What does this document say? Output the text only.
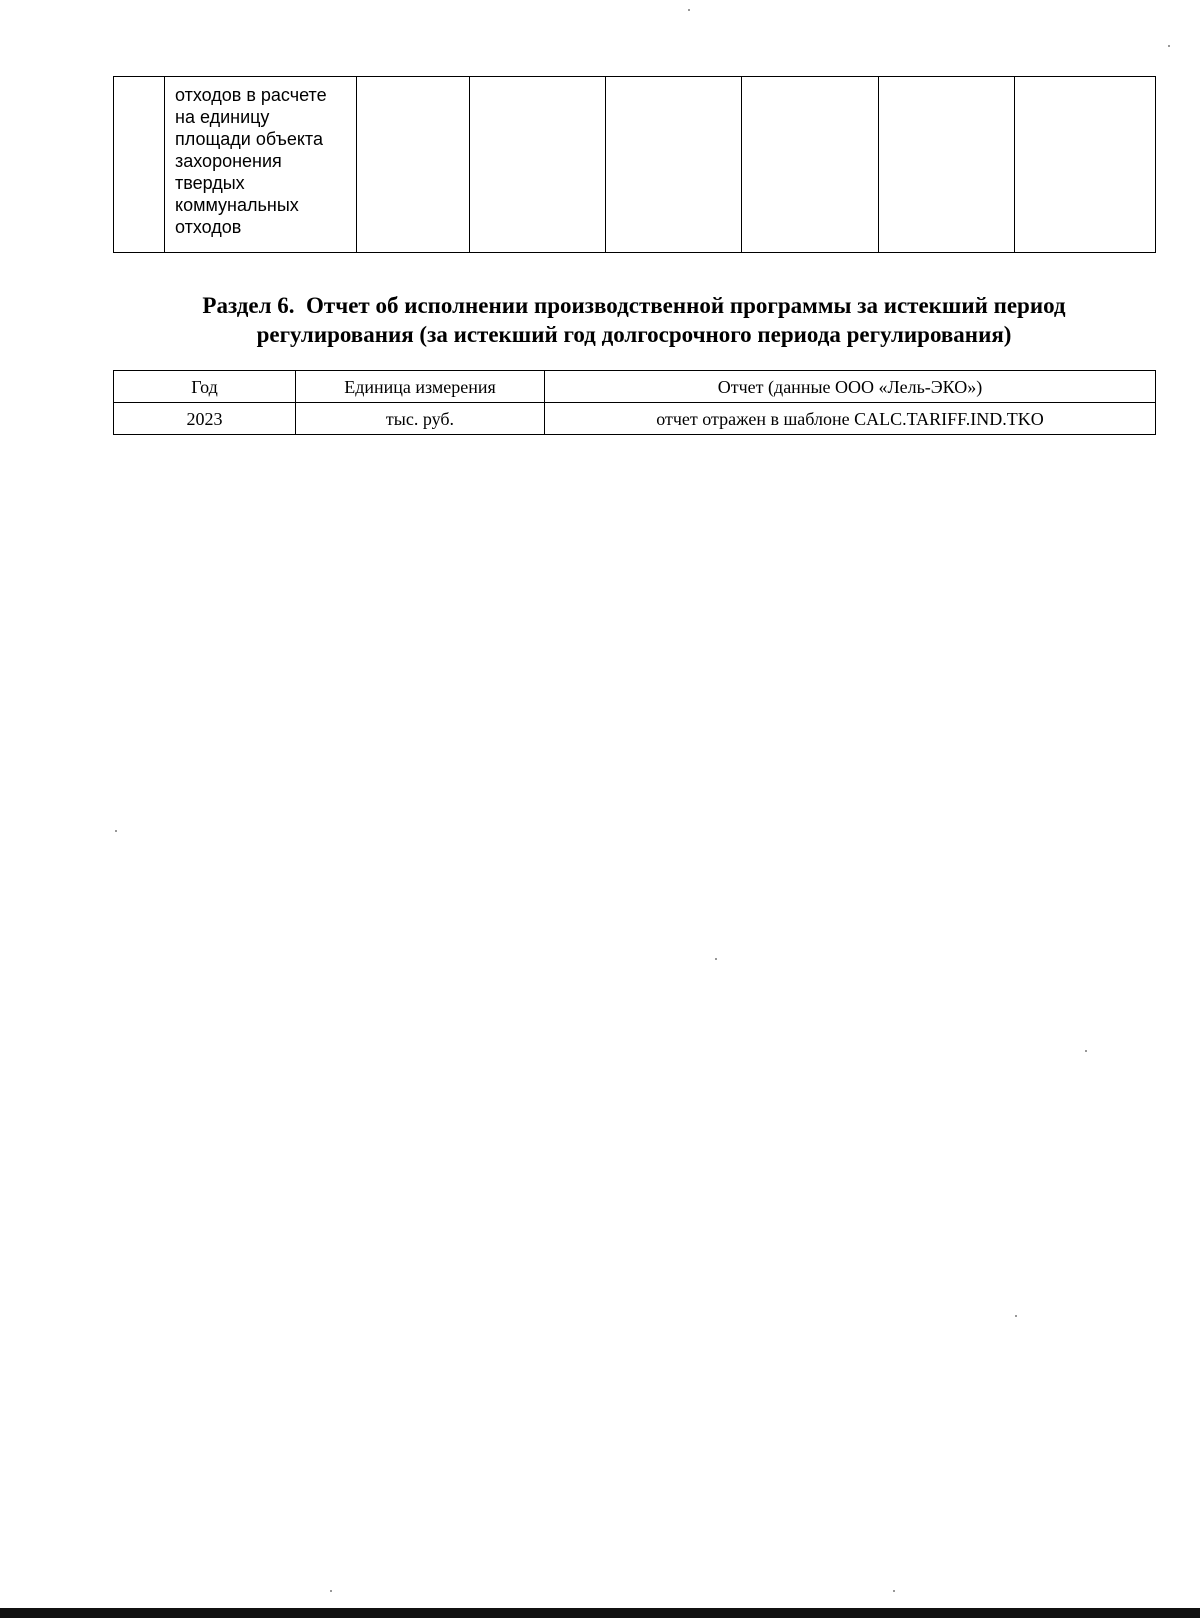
	отходов в расчете
на единицу
площади объекта
захоронения
твердых
коммунальных
отходов						
Раздел 6.  Отчет об исполнении производственной программы за истекший период
регулирования (за истекший год долгосрочного периода регулирования)
Год	Единица измерения	Отчет (данные ООО «Лель-ЭКО»)
2023	тыс. руб.	отчет отражен в шаблоне CALC.TARIFF.IND.TKO
